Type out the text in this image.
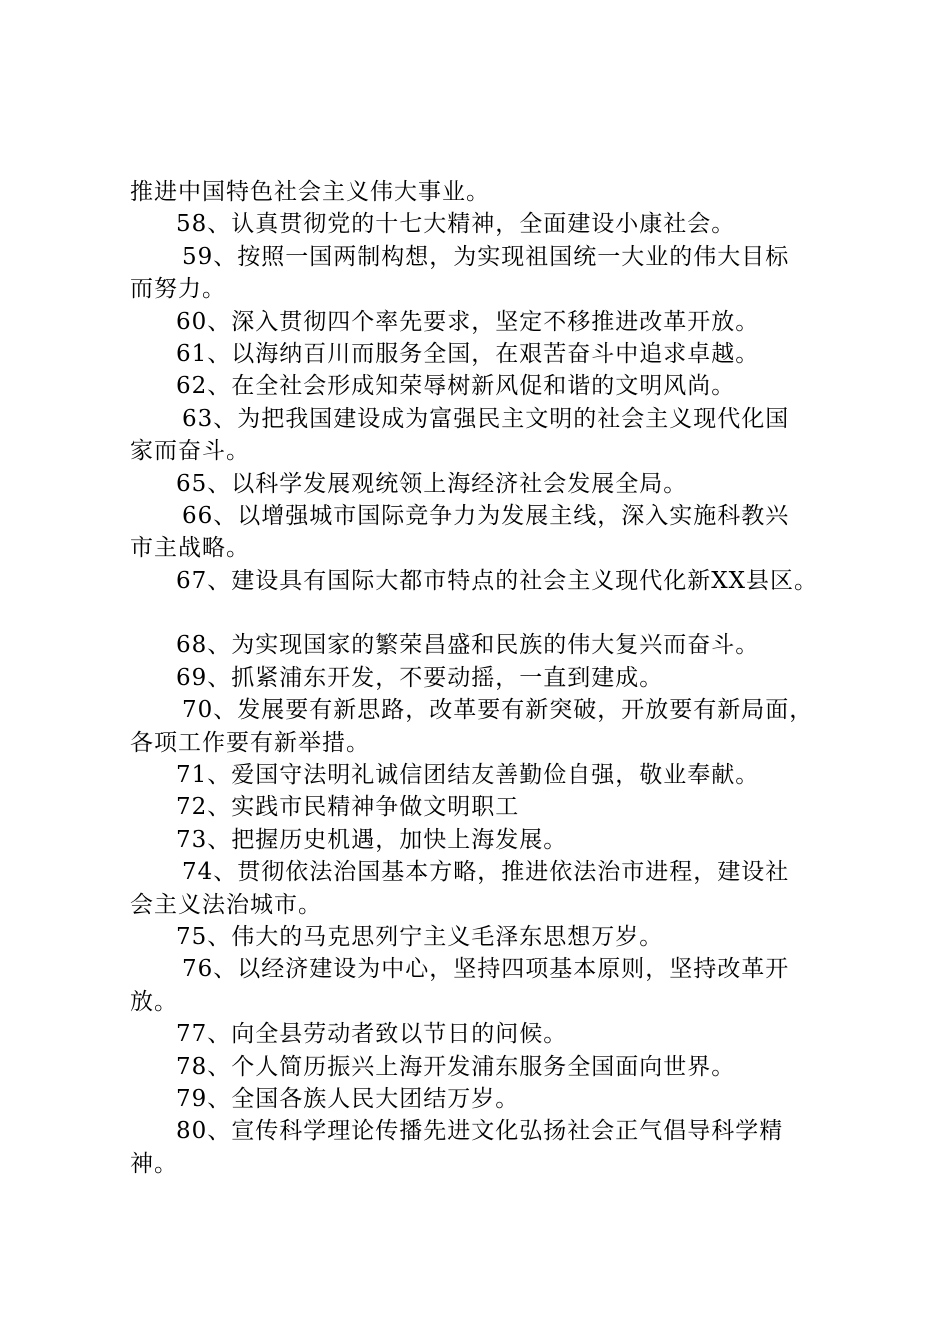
推进中国特色社会主义伟大事业。
58、认真贯彻党的十七大精神，全面建设小康社会。
59、按照一国两制构想，为实现祖国统一大业的伟大目标
而努力。
60、深入贯彻四个率先要求，坚定不移推进改革开放。
61、以海纳百川而服务全国，在艰苦奋斗中追求卓越。
62、在全社会形成知荣辱树新风促和谐的文明风尚。
63、为把我国建设成为富强民主文明的社会主义现代化国
家而奋斗。
65、以科学发展观统领上海经济社会发展全局。
66、以增强城市国际竞争力为发展主线，深入实施科教兴
市主战略。
67、建设具有国际大都市特点的社会主义现代化新XX县区。
68、为实现国家的繁荣昌盛和民族的伟大复兴而奋斗。
69、抓紧浦东开发，不要动摇，一直到建成。
70、发展要有新思路，改革要有新突破，开放要有新局面，
各项工作要有新举措。
71、爱国守法明礼诚信团结友善勤俭自强，敬业奉献。
72、实践市民精神争做文明职工
73、把握历史机遇，加快上海发展。
74、贯彻依法治国基本方略，推进依法治市进程，建设社
会主义法治城市。
75、伟大的马克思列宁主义毛泽东思想万岁。
76、以经济建设为中心，坚持四项基本原则，坚持改革开
放。
77、向全县劳动者致以节日的问候。
78、个人简历振兴上海开发浦东服务全国面向世界。
79、全国各族人民大团结万岁。
80、宣传科学理论传播先进文化弘扬社会正气倡导科学精
神。
